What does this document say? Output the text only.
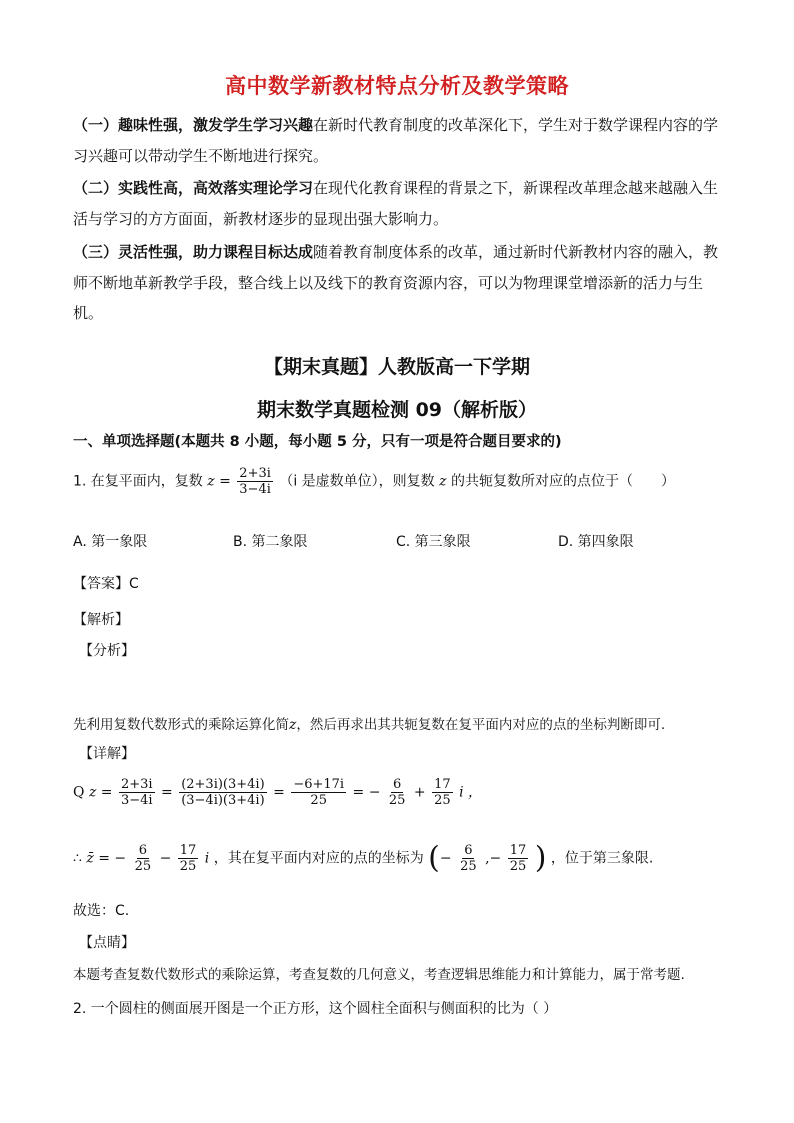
高中数学新教材特点分析及教学策略
（一）趣味性强，激发学生学习兴趣在新时代教育制度的改革深化下，学生对于数学课程内容的学习兴趣可以带动学生不断地进行探究。
（二）实践性高，高效落实理论学习在现代化教育课程的背景之下，新课程改革理念越来越融入生活与学习的方方面面，新教材逐步的显现出强大影响力。
（三）灵活性强，助力课程目标达成随着教育制度体系的改革，通过新时代新教材内容的融入，教师不断地革新教学手段，整合线上以及线下的教育资源内容，可以为物理课堂增添新的活力与生机。
【期末真题】人教版高一下学期
期末数学真题检测 09（解析版）
一、单项选择题(本题共 8 小题，每小题 5 分，只有一项是符合题目要求的)
1. 在复平面内，复数 $z = \frac{2+3i}{3-4i} (i$ 是虚数单位），则复数 z 的共轭复数所对应的点位于（　　）
A. 第一象限	B. 第二象限	C. 第三象限	D. 第四象限
【答案】C
【解析】
【分析】
先利用复数代数形式的乘除运算化简z，然后再求出其共轭复数在复平面内对应的点的坐标判断即可.
【详解】
Q $z = \frac{2+3i}{3-4i} = \frac{(2+3i)(3+4i)}{(3-4i)(3+4i)} = \frac{-6+17i}{25}$ = − $\frac{6}{25} + \frac{17}{25}$ i ，
∴ z̄ = − $\frac{6}{25} - \frac{17}{25}$ i ，其在复平面内对应的点的坐标为 (− $\frac{6}{25}$ ,− $\frac{17}{25}$ ) ，位于第三象限.
故选：C.
【点睛】
本题考查复数代数形式的乘除运算，考查复数的几何意义，考查逻辑思维能力和计算能力，属于常考题.
2. 一个圆柱的侧面展开图是一个正方形，这个圆柱全面积与侧面积的比为（ ）
